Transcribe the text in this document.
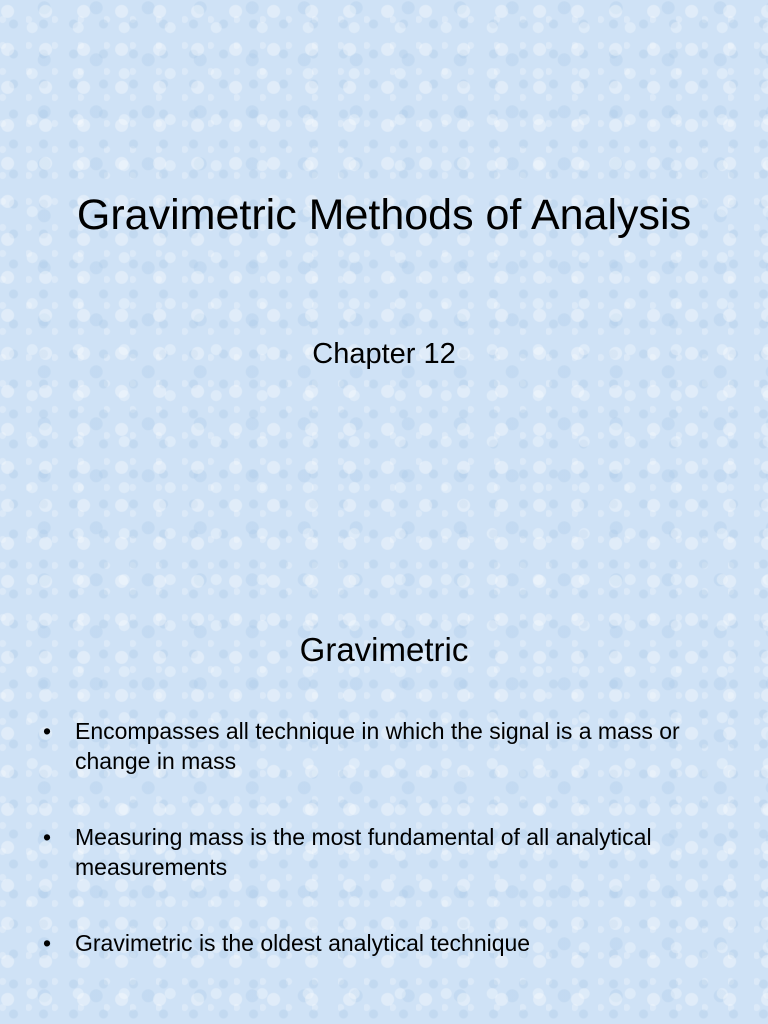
Gravimetric Methods of Analysis

Chapter 12

Gravimetric
• Encompasses all technique in which the signal is a mass or change in mass
• Measuring mass is the most fundamental of all analytical measurements
• Gravimetric is the oldest analytical technique
